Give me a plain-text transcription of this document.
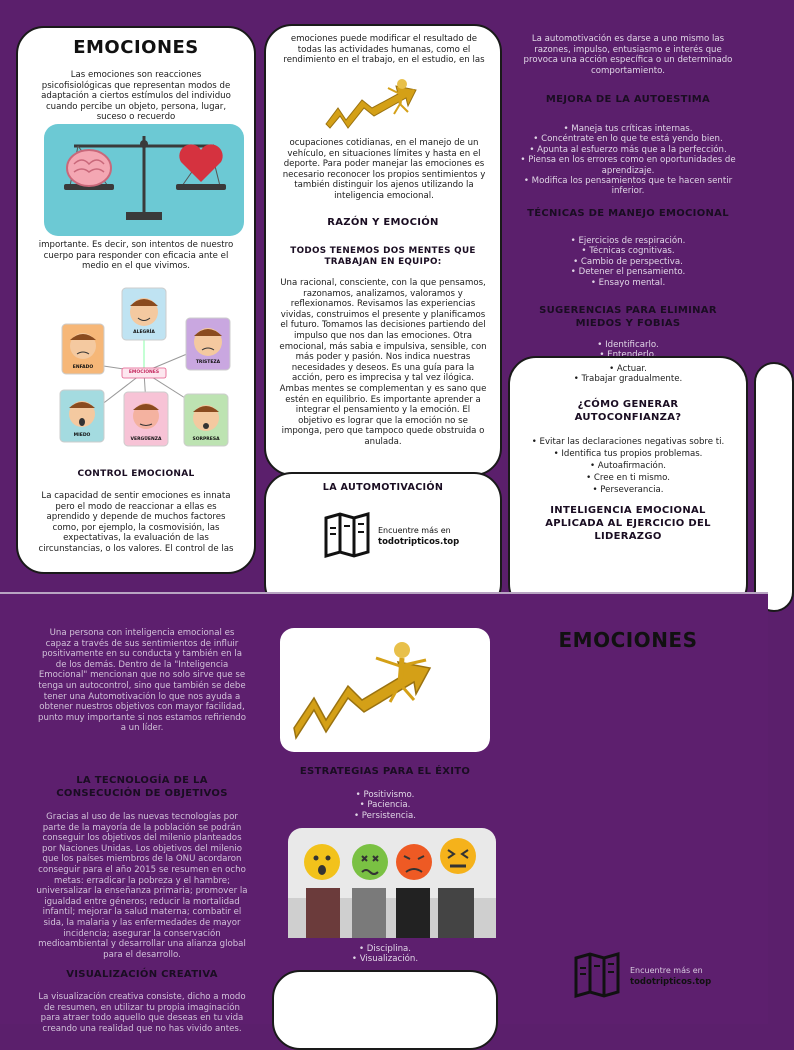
EMOCIONES

Las emociones son reacciones psicofisiológicas que representan modos de adaptación a ciertos estímulos del individuo cuando percibe un objeto, persona, lugar, suceso o recuerdo

importante. Es decir, son intentos de nuestro cuerpo para responder con eficacia ante el medio en el que vivimos.

EMOCIONES
ALEGRÍA
ENFADO
TRISTEZA
MIEDO
VERGÜENZA	SORPRESA

CONTROL EMOCIONAL

La capacidad de sentir emociones es innata pero el modo de reaccionar a ellas es aprendido y depende de muchos factores como, por ejemplo, la cosmovisión, las expectativas, la evaluación de las circunstancias, o los valores. El control de las

emociones puede modificar el resultado de todas las actividades humanas, como el rendimiento en el trabajo, en el estudio, en las

ocupaciones cotidianas, en el manejo de un vehículo, en situaciones límites y hasta en el deporte. Para poder manejar las emociones es necesario reconocer los propios sentimientos y también distinguir los ajenos utilizando la inteligencia emocional.

RAZÓN Y EMOCIÓN

TODOS TENEMOS DOS MENTES QUE TRABAJAN EN EQUIPO:

Una racional, consciente, con la que pensamos, razonamos, analizamos, valoramos y reflexionamos. Revisamos las experiencias vividas, construimos el presente y planificamos el futuro. Tomamos las decisiones partiendo del impulso que nos dan las emociones. Otra emocional, más sabia e impulsiva, sensible, con más poder y pasión. Nos indica nuestras necesidades y deseos. Es una guía para la acción, pero es imprecisa y tal vez ilógica. Ambas mentes se complementan y es sano que estén en equilibrio. Es importante aprender a integrar el pensamiento y la emoción. El objetivo es lograr que la emoción no se imponga, pero que tampoco quede obstruida o anulada.

LA AUTOMOTIVACIÓN

Encuentre más en
todotripticos.top

La automotivación es darse a uno mismo las razones, impulso, entusiasmo e interés que provoca una acción específica o un determinado comportamiento.

MEJORA DE LA AUTOESTIMA

• Maneja tus críticas internas.
• Concéntrate en lo que te está yendo bien.
• Apunta al esfuerzo más que a la perfección.
• Piensa en los errores como en oportunidades de aprendizaje.
• Modifica los pensamientos que te hacen sentir inferior.

TÉCNICAS DE MANEJO EMOCIONAL

• Ejercicios de respiración.
• Técnicas cognitivas.
• Cambio de perspectiva.
• Detener el pensamiento.
• Ensayo mental.

SUGERENCIAS PARA ELIMINAR MIEDOS Y FOBIAS

• Identificarlo.
•
• Actuar.
• Trabajar gradualmente.

¿CÓMO GENERAR AUTOCONFIANZA?

• Evitar las declaraciones negativas sobre ti.
• Identifica tus propios problemas.
• Autoafirmación.
• Cree en ti mismo.
• Perseverancia.

INTELIGENCIA EMOCIONAL APLICADA AL EJERCICIO DEL LIDERAZGO

Una persona con inteligencia emocional es capaz a través de sus sentimientos de influir positivamente en su conducta y también en la de los demás. Dentro de la "Inteligencia Emocional" mencionan que no solo sirve que se tenga un autocontrol, sino que también se debe tener una Automotivación lo que nos ayuda a obtener nuestros objetivos con mayor facilidad, punto muy importante si nos estamos refiriendo a un líder.

LA TECNOLOGÍA DE LA CONSECUCIÓN DE OBJETIVOS

Gracias al uso de las nuevas tecnologías por parte de la mayoría de la población se podrán conseguir los objetivos del milenio planteados por Naciones Unidas. Los objetivos del milenio que los países miembros de la ONU acordaron conseguir para el año 2015 se resumen en ocho metas: erradicar la pobreza y el hambre; universalizar la enseñanza primaria; promover la igualdad entre géneros; reducir la mortalidad infantil; mejorar la salud materna; combatir el sida, la malaria y las enfermedades de mayor incidencia; asegurar la conservación medioambiental y desarrollar una alianza global para el desarrollo.

VISUALIZACIÓN CREATIVA

La visualización creativa consiste, dicho a modo de resumen, en utilizar tu propia imaginación para atraer todo aquello que deseas en tu vida creando una realidad que no has vivido antes.

ESTRATEGIAS PARA EL ÉXITO

• Positivismo.
• Paciencia.
• Persistencia.
• Disciplina.
• Visualización.

EMOCIONES

Encuentre más en
todotripticos.top
